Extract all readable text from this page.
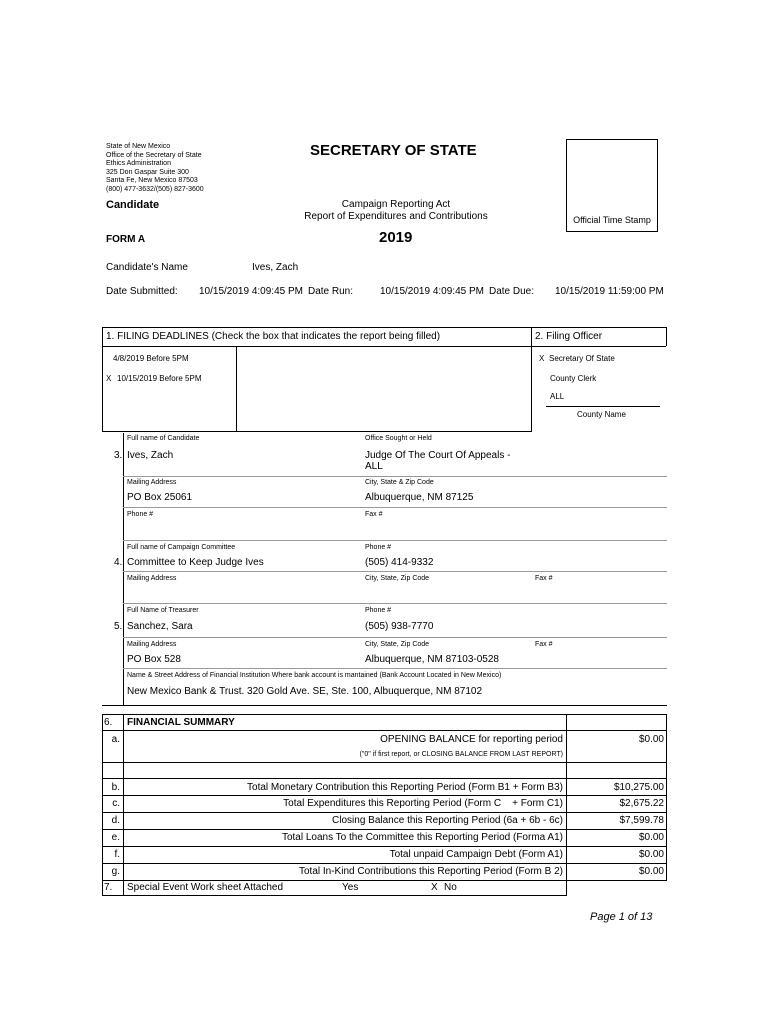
State of New Mexico
Office of the Secretary of State
Ethics Administration
325 Don Gaspar Suite 300
Santa Fe, New Mexico 87503
(800) 477-3632/(505) 827-3600
SECRETARY OF STATE
Candidate	Campaign Reporting Act
Report of Expenditures and Contributions
FORM A	2019
Official Time Stamp
Candidate's Name	Ives, Zach
Date Submitted: 10/15/2019 4:09:45 PM Date Run:	10/15/2019 4:09:45 PM Date Due: 10/15/2019 11:59:00 PM
1. FILING DEADLINES (Check the box that indicates the report being filled)	2. Filing Officer
4/8/2019 Before 5PM
X 10/15/2019 Before 5PM
X Secretary Of State
County Clerk
ALL
County Name
Full name of Candidate	Office Sought or Held
3. Ives, Zach	Judge Of The Court Of Appeals -
ALL
Mailing Address	City, State & Zip Code
PO Box 25061	Albuquerque, NM 87125
Phone #	Fax #
Full name of Campaign Committee	Phone #
4. Committee to Keep Judge Ives	(505) 414-9332
Mailing Address	City, State, Zip Code	Fax #
Full Name of Treasurer	Phone #
5. Sanchez, Sara	(505) 938-7770
Mailing Address	City, State, Zip Code	Fax #
PO Box 528	Albuquerque, NM 87103-0528
Name & Street Address of Financial Institution Where bank account is mantained (Bank Account Located in New Mexico)
New Mexico Bank & Trust. 320 Gold Ave. SE, Ste. 100, Albuquerque, NM 87102
6. FINANCIAL SUMMARY
a.	OPENING BALANCE for reporting period	$0.00
("0" if first report, or CLOSING BALANCE FROM LAST REPORT)
b.	Total Monetary Contribution this Reporting Period (Form B1 + Form B3)	$10,275.00
c.	Total Expenditures this Reporting Period (Form C    + Form C1)	$2,675.22
d.	Closing Balance this Reporting Period (6a + 6b - 6c)	$7,599.78
e.	Total Loans To the Committee this Reporting Period (Forma A1)	$0.00
f.	Total unpaid Campaign Debt (Form A1)	$0.00
g.	Total In-Kind Contributions this Reporting Period (Form B 2)	$0.00
7. Special Event Work sheet Attached	Yes	X No
Page 1 of 13
